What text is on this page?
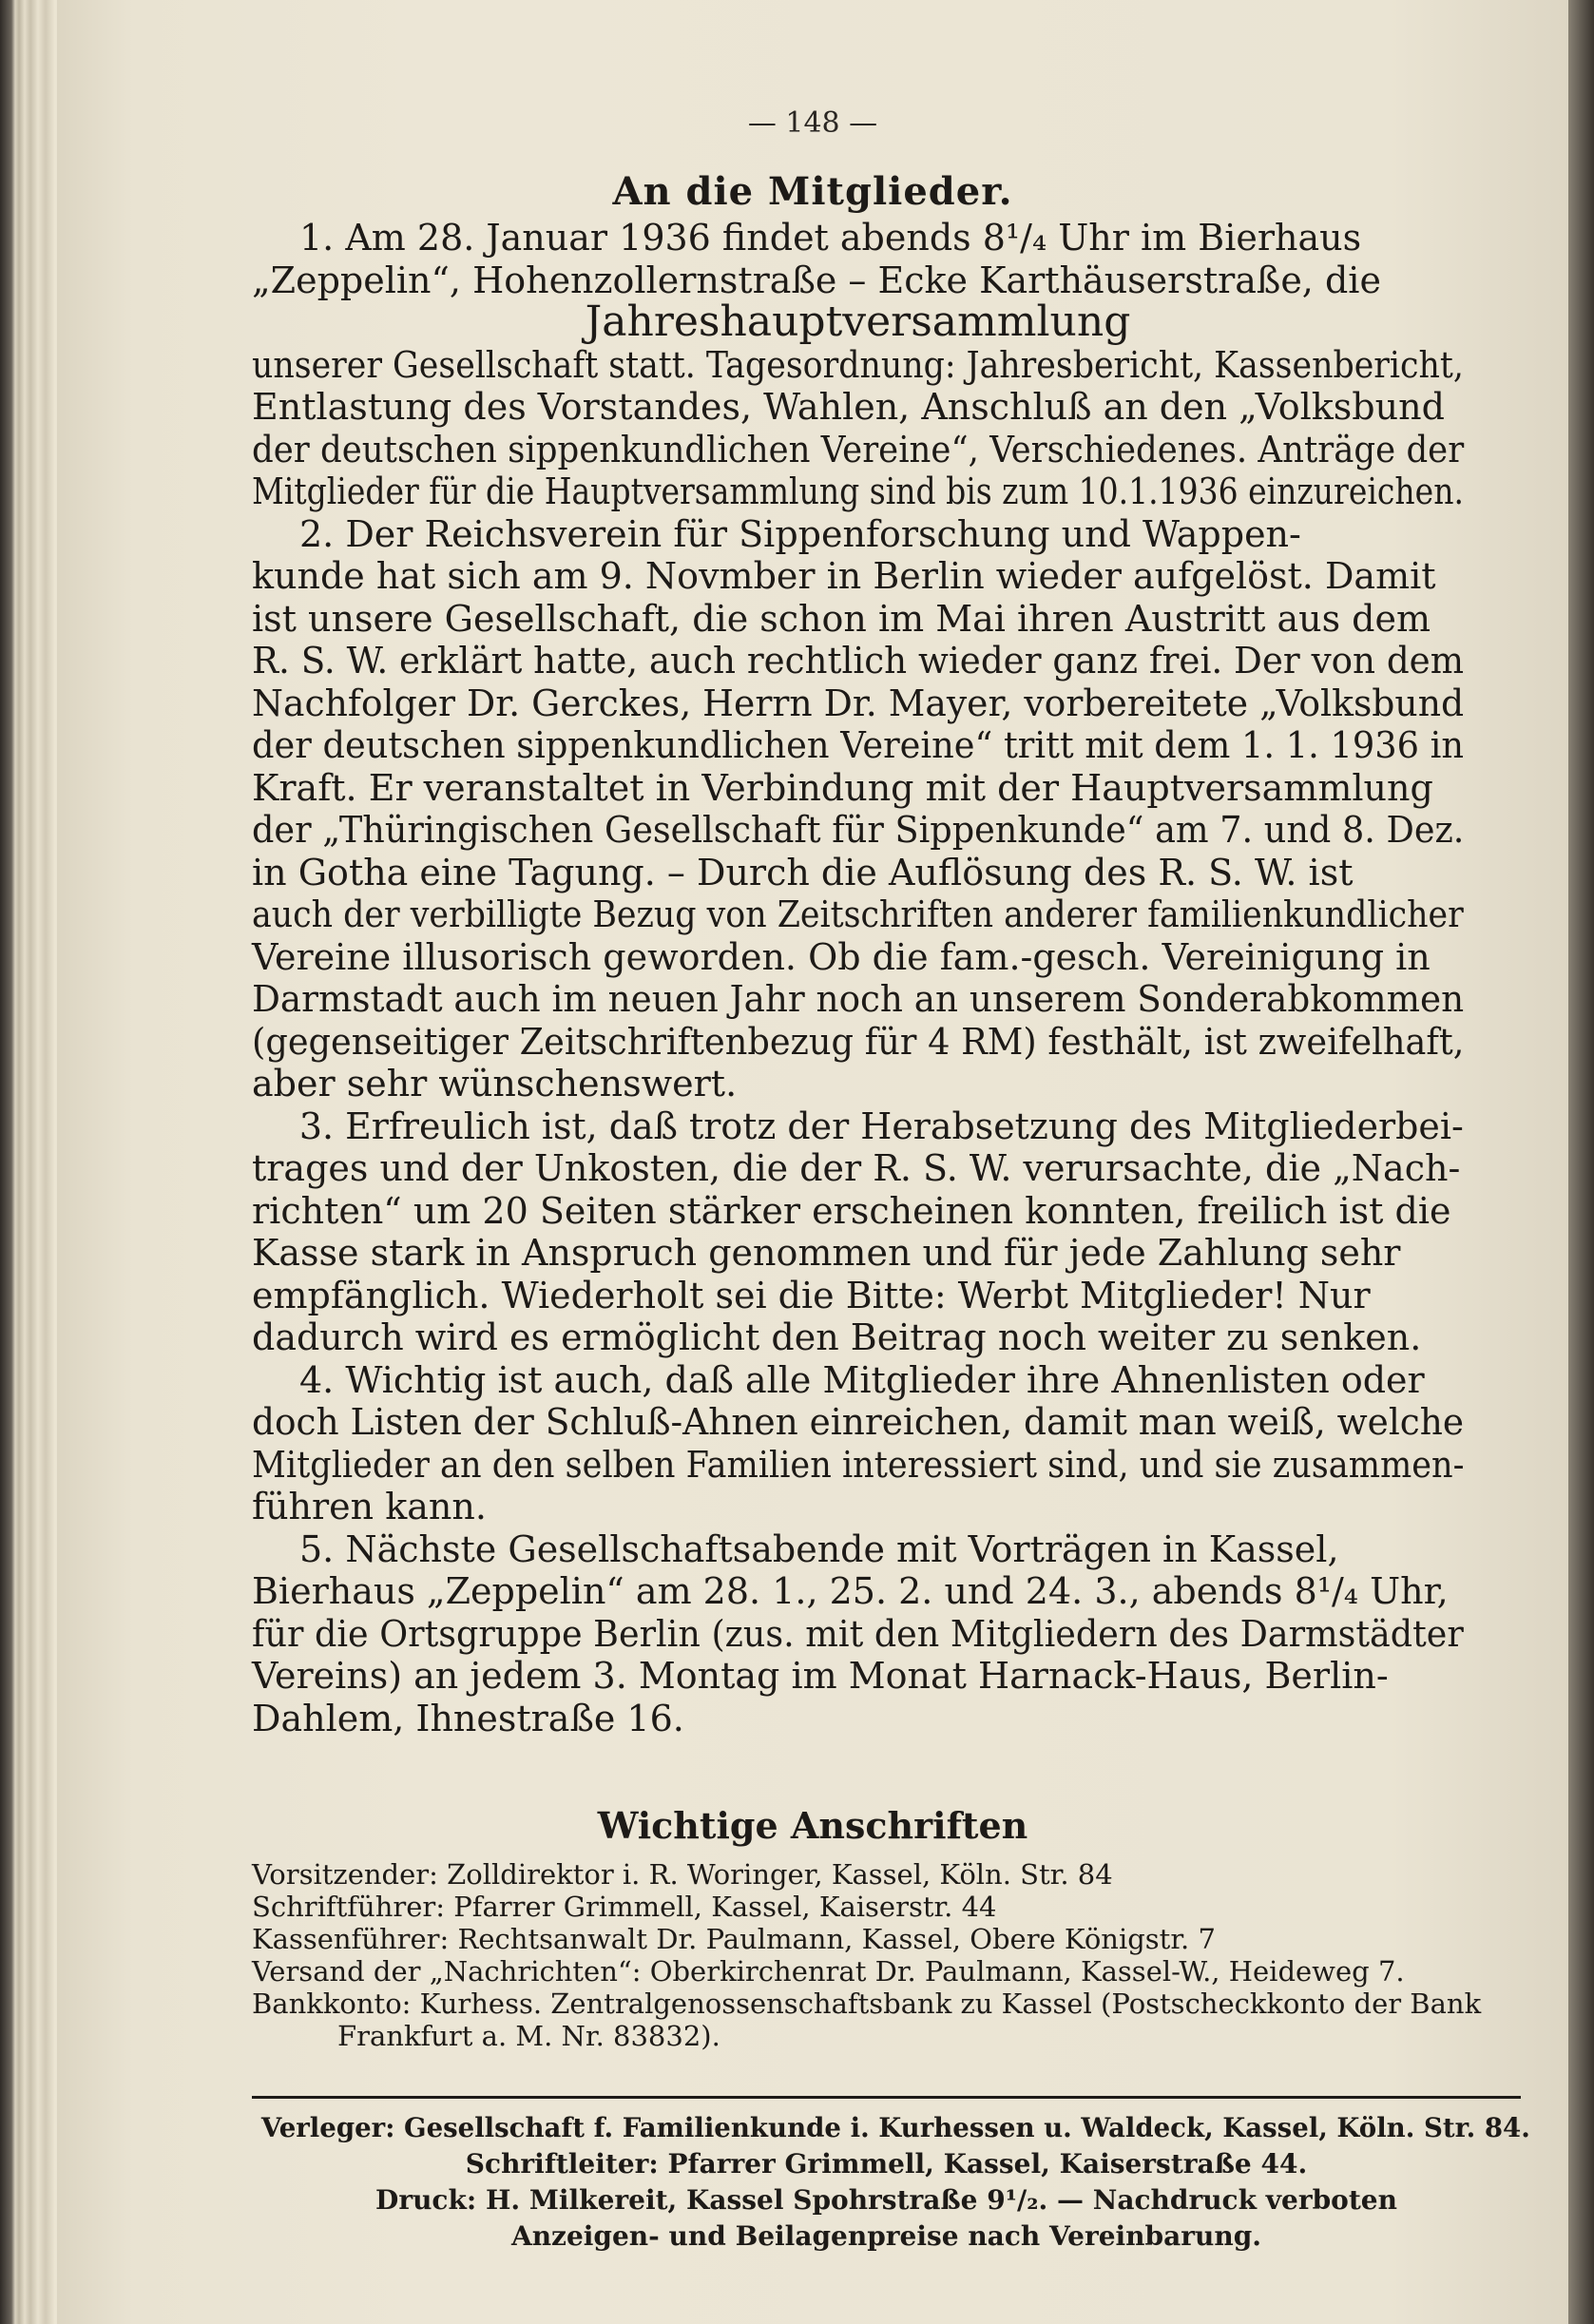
— 148 —
An die Mitglieder.
1. Am 28. Januar 1936 findet abends 8¹/₄ Uhr im Bierhaus
„Zeppelin“, Hohenzollernstraße – Ecke Karthäuserstraße, die
Jahreshauptversammlung
unserer Gesellschaft statt. Tagesordnung: Jahresbericht, Kassenbericht,
Entlastung des Vorstandes, Wahlen, Anschluß an den „Volksbund
der deutschen sippenkundlichen Vereine“, Verschiedenes. Anträge der
Mitglieder für die Hauptversammlung sind bis zum 10.1.1936 einzureichen.
2. Der Reichsverein für Sippenforschung und Wappen-
kunde hat sich am 9. Novmber in Berlin wieder aufgelöst. Damit
ist unsere Gesellschaft, die schon im Mai ihren Austritt aus dem
R. S. W. erklärt hatte, auch rechtlich wieder ganz frei. Der von dem
Nachfolger Dr. Gerckes, Herrn Dr. Mayer, vorbereitete „Volksbund
der deutschen sippenkundlichen Vereine“ tritt mit dem 1. 1. 1936 in
Kraft. Er veranstaltet in Verbindung mit der Hauptversammlung
der „Thüringischen Gesellschaft für Sippenkunde“ am 7. und 8. Dez.
in Gotha eine Tagung. – Durch die Auflösung des R. S. W. ist
auch der verbilligte Bezug von Zeitschriften anderer familienkundlicher
Vereine illusorisch geworden. Ob die fam.-gesch. Vereinigung in
Darmstadt auch im neuen Jahr noch an unserem Sonderabkommen
(gegenseitiger Zeitschriftenbezug für 4 RM) festhält, ist zweifelhaft,
aber sehr wünschenswert.
3. Erfreulich ist, daß trotz der Herabsetzung des Mitgliederbei-
trages und der Unkosten, die der R. S. W. verursachte, die „Nach-
richten“ um 20 Seiten stärker erscheinen konnten, freilich ist die
Kasse stark in Anspruch genommen und für jede Zahlung sehr
empfänglich. Wiederholt sei die Bitte: Werbt Mitglieder! Nur
dadurch wird es ermöglicht den Beitrag noch weiter zu senken.
4. Wichtig ist auch, daß alle Mitglieder ihre Ahnenlisten oder
doch Listen der Schluß-Ahnen einreichen, damit man weiß, welche
Mitglieder an den selben Familien interessiert sind, und sie zusammen-
führen kann.
5. Nächste Gesellschaftsabende mit Vorträgen in Kassel,
Bierhaus „Zeppelin“ am 28. 1., 25. 2. und 24. 3., abends 8¹/₄ Uhr,
für die Ortsgruppe Berlin (zus. mit den Mitgliedern des Darmstädter
Vereins) an jedem 3. Montag im Monat Harnack-Haus, Berlin-
Dahlem, Ihnestraße 16.
Wichtige Anschriften
Vorsitzender: Zolldirektor i. R. Woringer, Kassel, Köln. Str. 84
Schriftführer: Pfarrer Grimmell, Kassel, Kaiserstr. 44
Kassenführer: Rechtsanwalt Dr. Paulmann, Kassel, Obere Königstr. 7
Versand der „Nachrichten“: Oberkirchenrat Dr. Paulmann, Kassel-W., Heideweg 7.
Bankkonto: Kurhess. Zentralgenossenschaftsbank zu Kassel (Postscheckkonto der Bank
Frankfurt a. M. Nr. 83832).
Verleger: Gesellschaft f. Familienkunde i. Kurhessen u. Waldeck, Kassel, Köln. Str. 84.
Schriftleiter: Pfarrer Grimmell, Kassel, Kaiserstraße 44.
Druck: H. Milkereit, Kassel Spohrstraße 9¹/₂. — Nachdruck verboten
Anzeigen- und Beilagenpreise nach Vereinbarung.
